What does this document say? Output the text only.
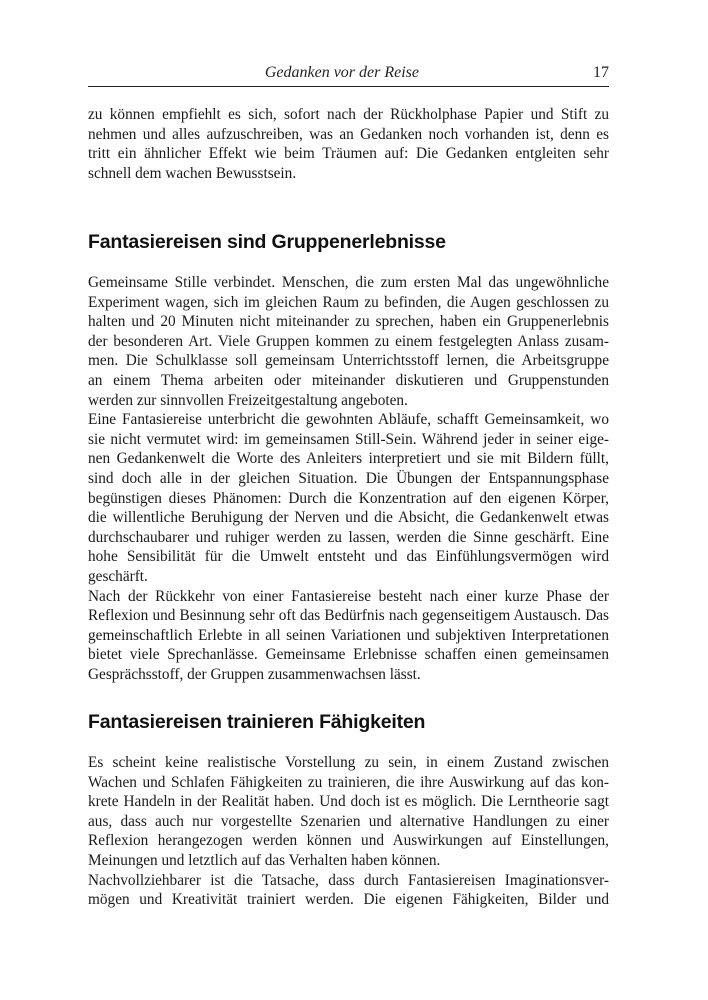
Gedanken vor der Reise	17
zu können empfiehlt es sich, sofort nach der Rückholphase Papier und Stift zu
nehmen und alles aufzuschreiben, was an Gedanken noch vorhanden ist, denn es
tritt ein ähnlicher Effekt wie beim Träumen auf: Die Gedanken entgleiten sehr
schnell dem wachen Bewusstsein.
Fantasiereisen sind Gruppenerlebnisse
Gemeinsame Stille verbindet. Menschen, die zum ersten Mal das ungewöhnliche
Experiment wagen, sich im gleichen Raum zu befinden, die Augen geschlossen zu
halten und 20 Minuten nicht miteinander zu sprechen, haben ein Gruppenerlebnis
der besonderen Art. Viele Gruppen kommen zu einem festgelegten Anlass zusam-
men. Die Schulklasse soll gemeinsam Unterrichtsstoff lernen, die Arbeitsgruppe
an einem Thema arbeiten oder miteinander diskutieren und Gruppenstunden
werden zur sinnvollen Freizeitgestaltung angeboten.
Eine Fantasiereise unterbricht die gewohnten Abläufe, schafft Gemeinsamkeit, wo
sie nicht vermutet wird: im gemeinsamen Still-Sein. Während jeder in seiner eige-
nen Gedankenwelt die Worte des Anleiters interpretiert und sie mit Bildern füllt,
sind doch alle in der gleichen Situation. Die Übungen der Entspannungsphase
begünstigen dieses Phänomen: Durch die Konzentration auf den eigenen Körper,
die willentliche Beruhigung der Nerven und die Absicht, die Gedankenwelt etwas
durchschaubarer und ruhiger werden zu lassen, werden die Sinne geschärft. Eine
hohe Sensibilität für die Umwelt entsteht und das Einfühlungsvermögen wird
geschärft.
Nach der Rückkehr von einer Fantasiereise besteht nach einer kurze Phase der
Reflexion und Besinnung sehr oft das Bedürfnis nach gegenseitigem Austausch. Das
gemeinschaftlich Erlebte in all seinen Variationen und subjektiven Interpretationen
bietet viele Sprechanlässe. Gemeinsame Erlebnisse schaffen einen gemeinsamen
Gesprächsstoff, der Gruppen zusammenwachsen lässt.
Fantasiereisen trainieren Fähigkeiten
Es scheint keine realistische Vorstellung zu sein, in einem Zustand zwischen
Wachen und Schlafen Fähigkeiten zu trainieren, die ihre Auswirkung auf das kon-
krete Handeln in der Realität haben. Und doch ist es möglich. Die Lerntheorie sagt
aus, dass auch nur vorgestellte Szenarien und alternative Handlungen zu einer
Reflexion herangezogen werden können und Auswirkungen auf Einstellungen,
Meinungen und letztlich auf das Verhalten haben können.
Nachvollziehbarer ist die Tatsache, dass durch Fantasiereisen Imaginationsver-
mögen und Kreativität trainiert werden. Die eigenen Fähigkeiten, Bilder und
